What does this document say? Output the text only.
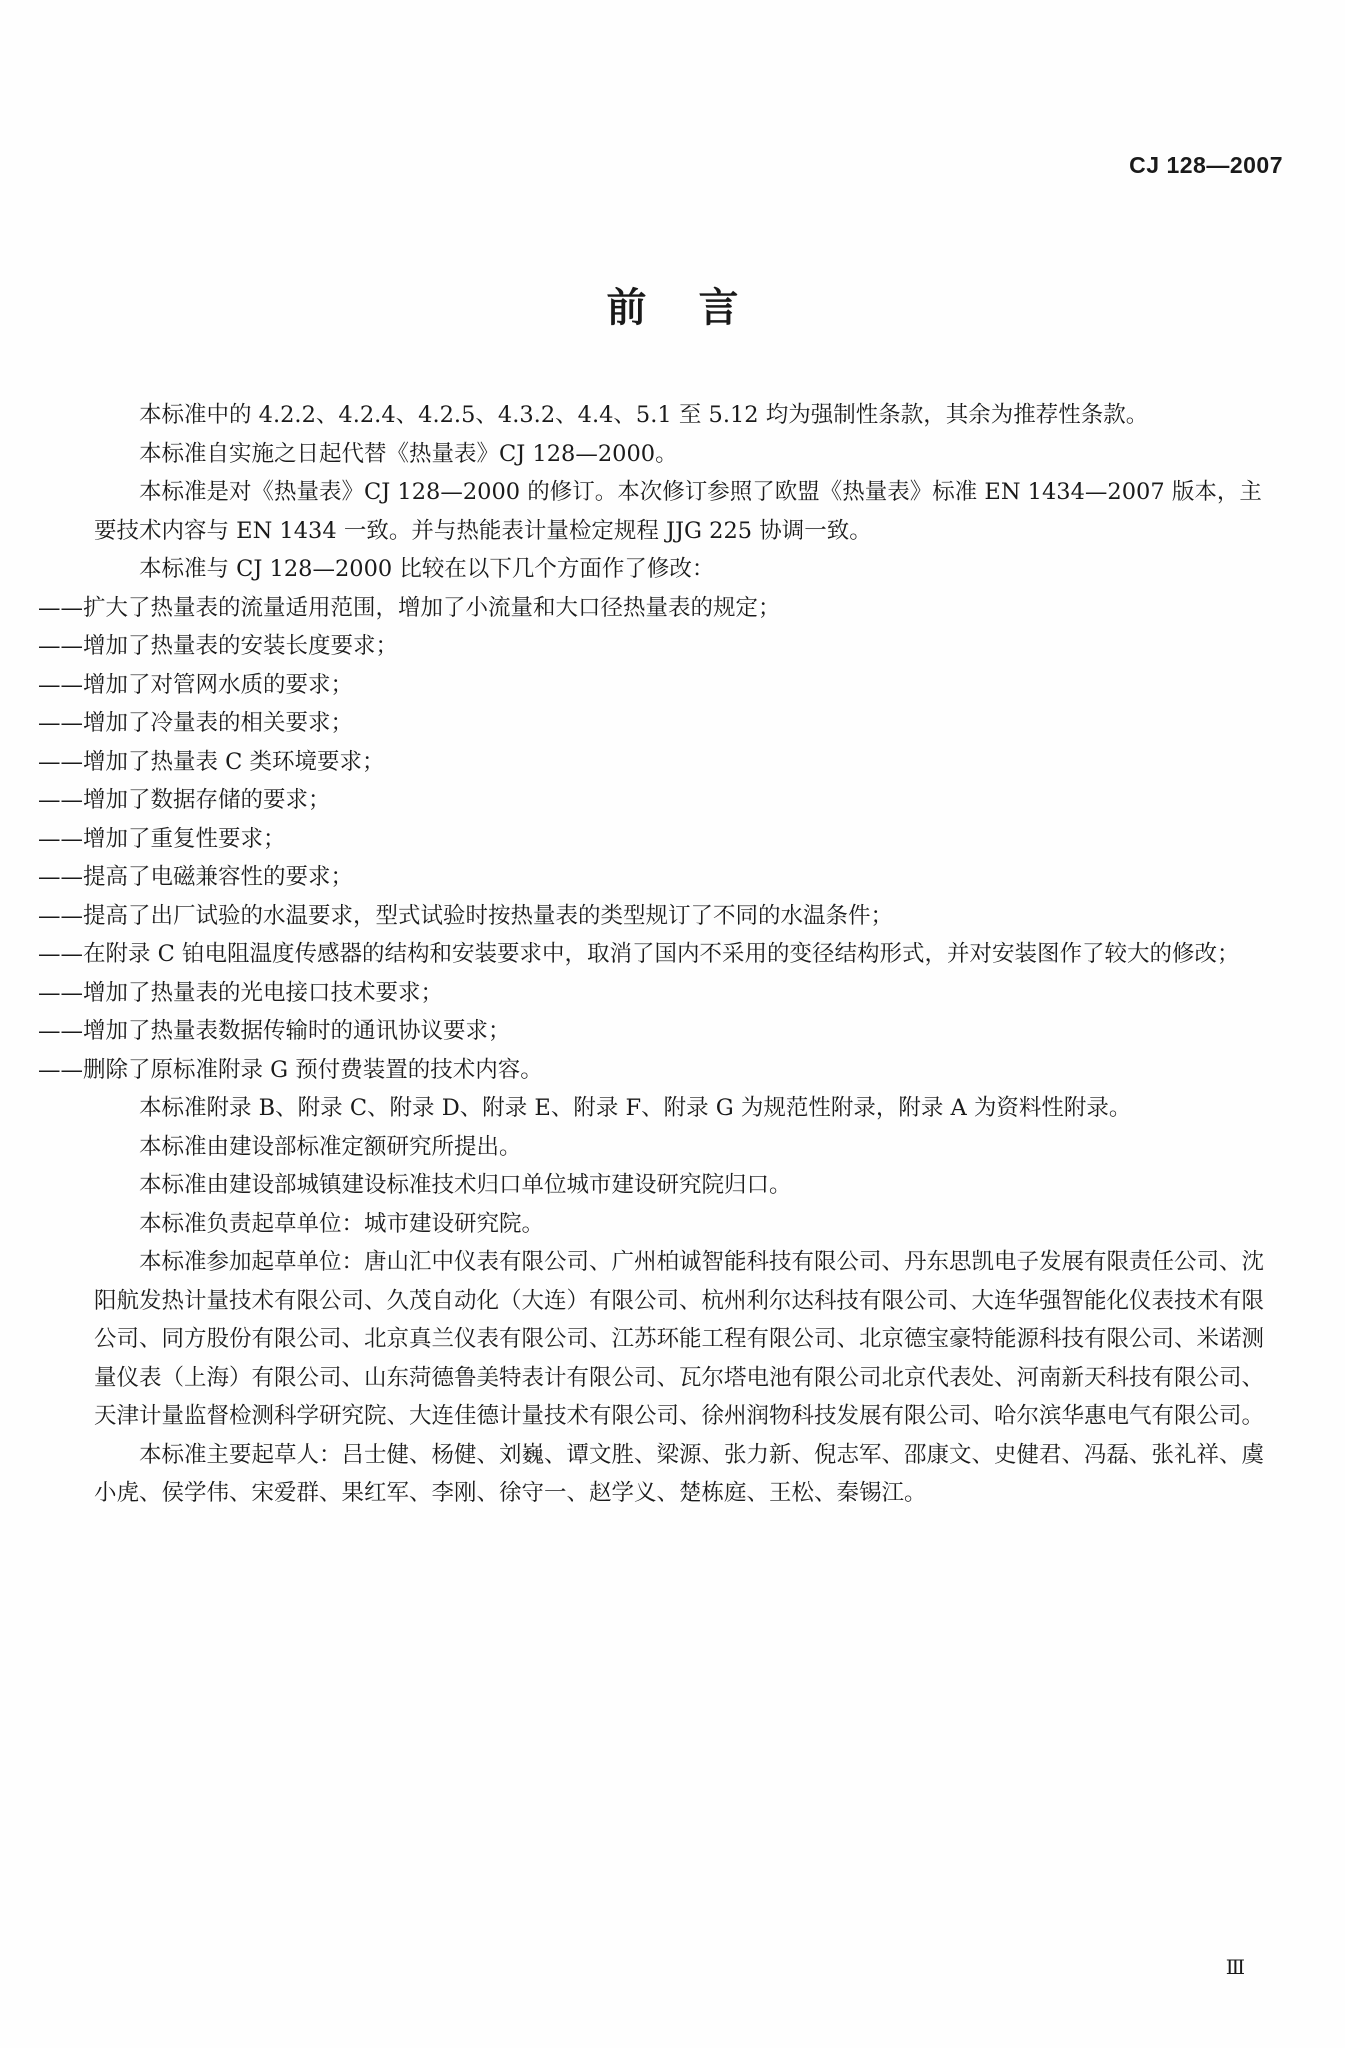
CJ 128—2007
前言

本标准中的 4.2.2、4.2.4、4.2.5、4.3.2、4.4、5.1 至 5.12 均为强制性条款，其余为推荐性条款。

本标准自实施之日起代替《热量表》CJ 128—2000。

本标准是对《热量表》CJ 128—2000 的修订。本次修订参照了欧盟《热量表》标准 EN 1434—2007 版本，主要技术内容与 EN 1434 一致。并与热能表计量检定规程 JJG 225 协调一致。

本标准与 CJ 128—2000 比较在以下几个方面作了修改：

——扩大了热量表的流量适用范围，增加了小流量和大口径热量表的规定；

——增加了热量表的安装长度要求；

——增加了对管网水质的要求；

——增加了冷量表的相关要求；

——增加了热量表 C 类环境要求；

——增加了数据存储的要求；

——增加了重复性要求；

——提高了电磁兼容性的要求；

——提高了出厂试验的水温要求，型式试验时按热量表的类型规订了不同的水温条件；

——在附录 C 铂电阻温度传感器的结构和安装要求中，取消了国内不采用的变径结构形式，并对安装图作了较大的修改；

——增加了热量表的光电接口技术要求；

——增加了热量表数据传输时的通讯协议要求；

——删除了原标准附录 G 预付费装置的技术内容。

本标准附录 B、附录 C、附录 D、附录 E、附录 F、附录 G 为规范性附录，附录 A 为资料性附录。

本标准由建设部标准定额研究所提出。

本标准由建设部城镇建设标准技术归口单位城市建设研究院归口。

本标准负责起草单位：城市建设研究院。

本标准参加起草单位：唐山汇中仪表有限公司、广州柏诚智能科技有限公司、丹东思凯电子发展有限责任公司、沈阳航发热计量技术有限公司、久茂自动化（大连）有限公司、杭州利尔达科技有限公司、大连华强智能化仪表技术有限公司、同方股份有限公司、北京真兰仪表有限公司、江苏环能工程有限公司、北京德宝豪特能源科技有限公司、米诺测量仪表（上海）有限公司、山东菏德鲁美特表计有限公司、瓦尔塔电池有限公司北京代表处、河南新天科技有限公司、天津计量监督检测科学研究院、大连佳德计量技术有限公司、徐州润物科技发展有限公司、哈尔滨华惠电气有限公司。

本标准主要起草人：吕士健、杨健、刘巍、谭文胜、梁源、张力新、倪志军、邵康文、史健君、冯磊、张礼祥、虞小虎、侯学伟、宋爱群、果红军、李刚、徐守一、赵学义、楚栋庭、王松、秦锡江。

Ⅲ
